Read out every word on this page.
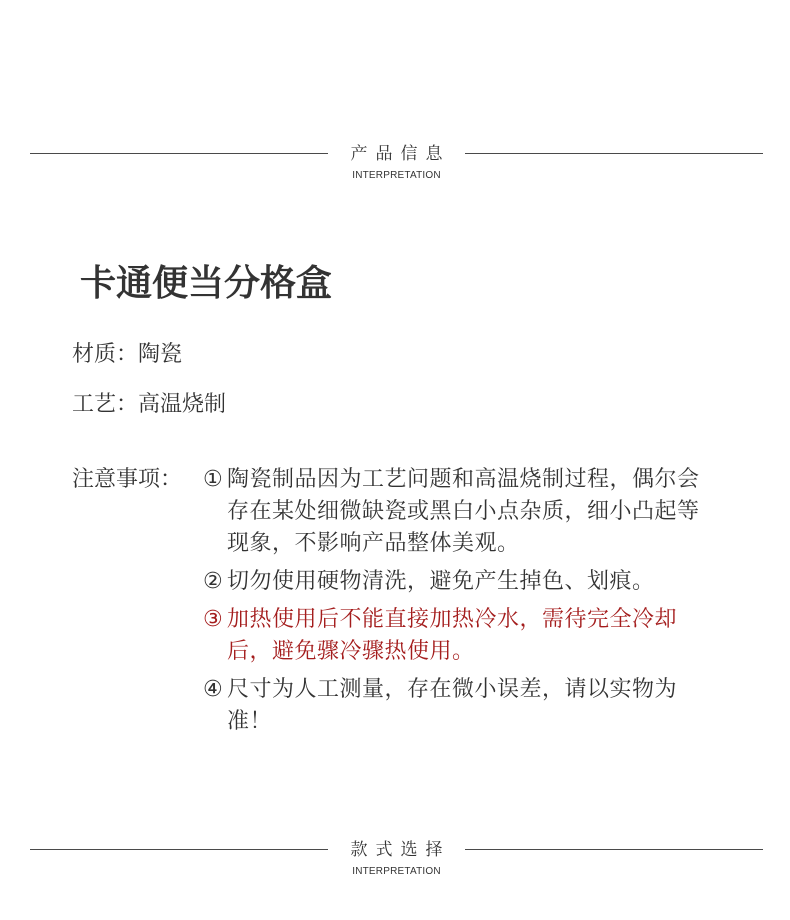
产品信息
INTERPRETATION
卡通便当分格盒
材质：陶瓷
工艺：高温烧制
注意事项： ① 陶瓷制品因为工艺问题和高温烧制过程，偶尔会存在某处细微缺瓷或黑白小点杂质，细小凸起等现象，不影响产品整体美观。
② 切勿使用硬物清洗，避免产生掉色、划痕。
③ 加热使用后不能直接加热冷水，需待完全冷却后，避免骤冷骤热使用。
④ 尺寸为人工测量，存在微小误差，请以实物为准！
款式选择
INTERPRETATION
